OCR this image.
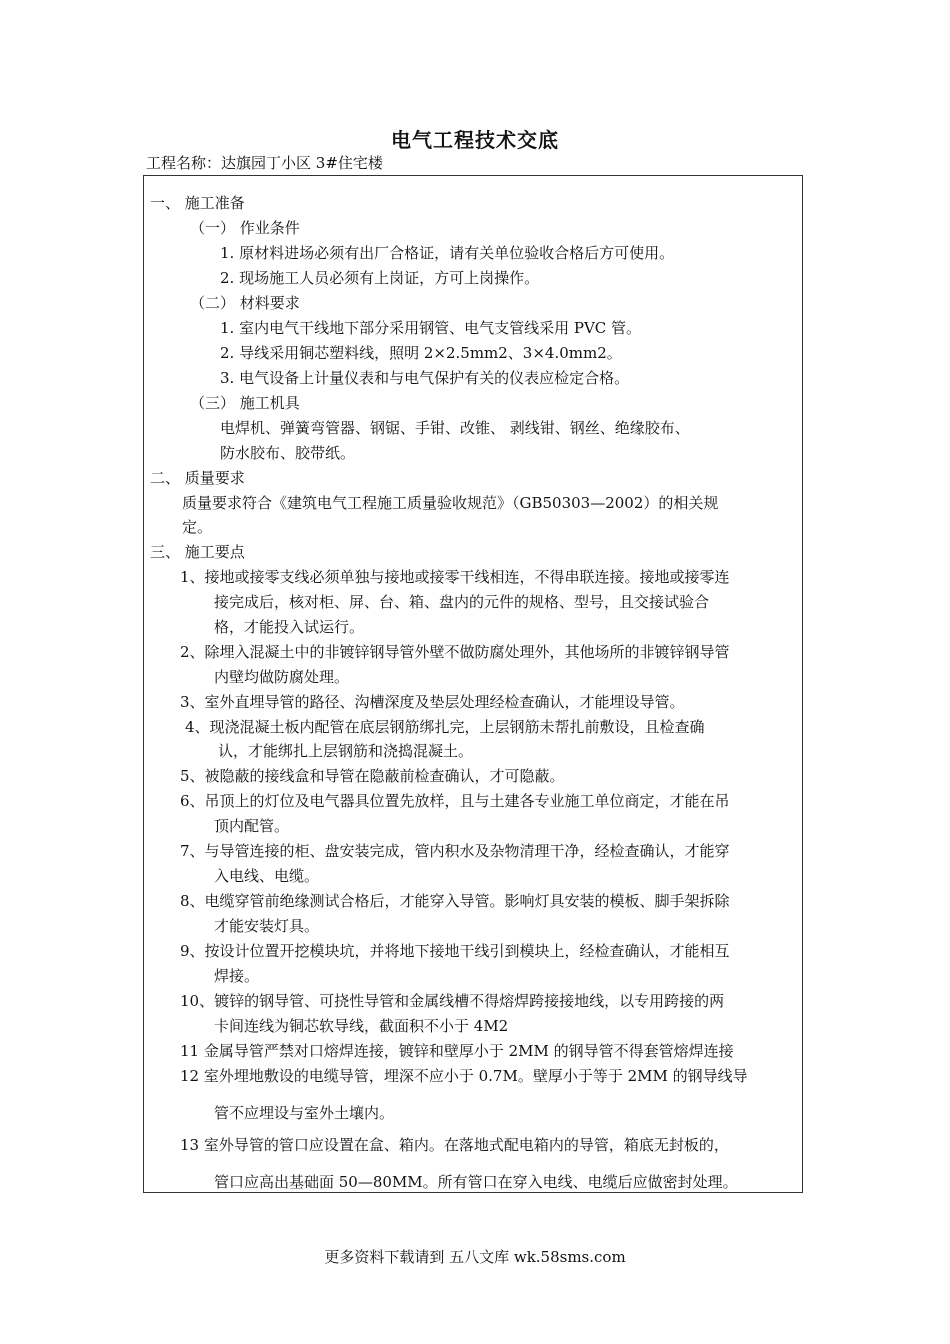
电气工程技术交底
工程名称：达旗园丁小区 3#住宅楼
一、 施工准备
（一） 作业条件
1. 原材料进场必须有出厂合格证，请有关单位验收合格后方可使用。
2. 现场施工人员必须有上岗证，方可上岗操作。
（二） 材料要求
1. 室内电气干线地下部分采用钢管、电气支管线采用 PVC 管。
2. 导线采用铜芯塑料线，照明 2×2.5mm2、3×4.0mm2。
3. 电气设备上计量仪表和与电气保护有关的仪表应检定合格。
（三） 施工机具
电焊机、弹簧弯管器、钢锯、手钳、改锥、 剥线钳、钢丝、绝缘胶布、
防水胶布、胶带纸。
二、 质量要求
质量要求符合《建筑电气工程施工质量验收规范》（GB50303—2002）的相关规
定。
三、 施工要点
1、接地或接零支线必须单独与接地或接零干线相连，不得串联连接。接地或接零连
接完成后，核对柜、屏、台、箱、盘内的元件的规格、型号，且交接试验合
格，才能投入试运行。
2、除埋入混凝土中的非镀锌钢导管外壁不做防腐处理外，其他场所的非镀锌钢导管
内壁均做防腐处理。
3、室外直埋导管的路径、沟槽深度及垫层处理经检查确认，才能埋设导管。
4、现浇混凝土板内配管在底层钢筋绑扎完，上层钢筋未帮扎前敷设，且检查确
认，才能绑扎上层钢筋和浇捣混凝土。
5、被隐蔽的接线盒和导管在隐蔽前检查确认，才可隐蔽。
6、吊顶上的灯位及电气器具位置先放样，且与土建各专业施工单位商定，才能在吊
顶内配管。
7、与导管连接的柜、盘安装完成，管内积水及杂物清理干净，经检查确认，才能穿
入电线、电缆。
8、电缆穿管前绝缘测试合格后，才能穿入导管。影响灯具安装的模板、脚手架拆除
才能安装灯具。
9、按设计位置开挖模块坑，并将地下接地干线引到模块上，经检查确认，才能相互
焊接。
10、镀锌的钢导管、可挠性导管和金属线槽不得熔焊跨接接地线，以专用跨接的两
卡间连线为铜芯软导线，截面积不小于 4M2
11 金属导管严禁对口熔焊连接，镀锌和壁厚小于 2MM 的钢导管不得套管熔焊连接
12 室外埋地敷设的电缆导管，埋深不应小于 0.7M。壁厚小于等于 2MM 的钢导线导
管不应埋设与室外土壤内。
13 室外导管的管口应设置在盒、箱内。在落地式配电箱内的导管，箱底无封板的，
管口应高出基础面 50—80MM。所有管口在穿入电线、电缆后应做密封处理。
更多资料下载请到 五八文库 wk.58sms.com
